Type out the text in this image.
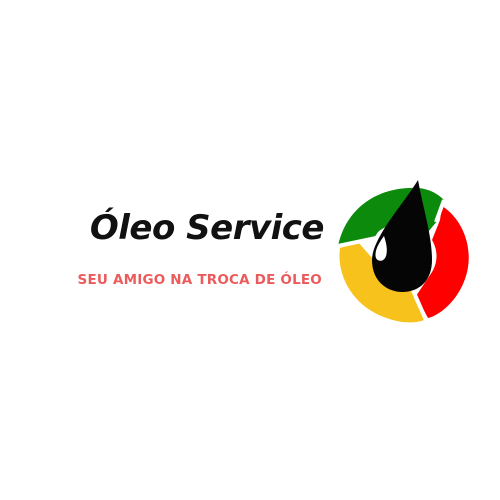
Óleo Service
SEU AMIGO NA TROCA DE ÓLEO
